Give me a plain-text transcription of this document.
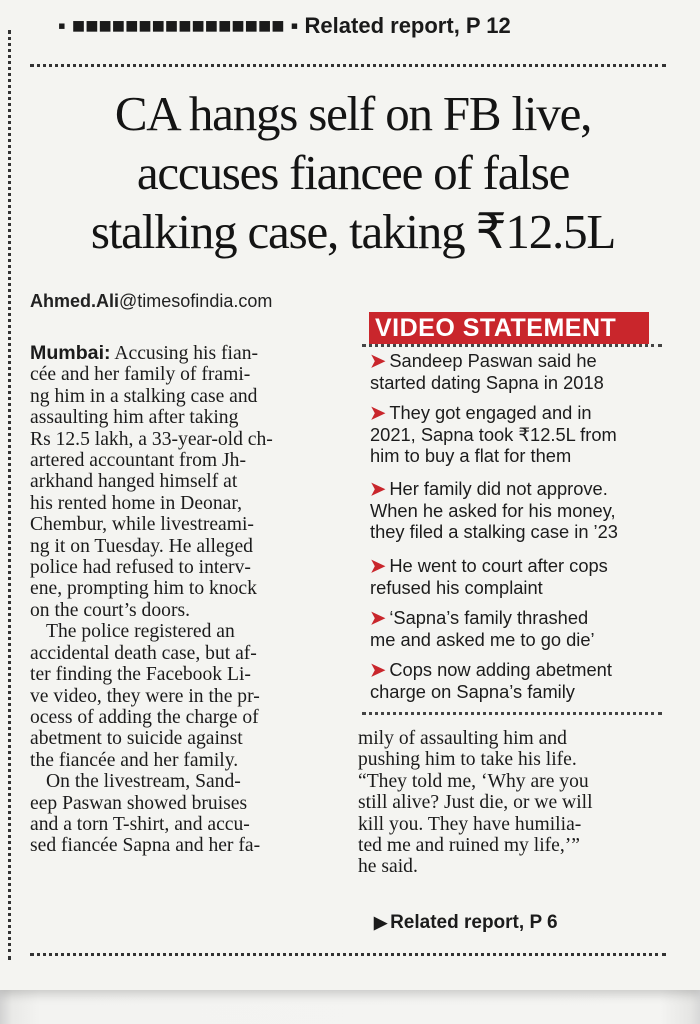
▪ ■■■■■■■■■■■■■■■■ ▪ Related report, P 12
CA hangs self on FB live,
accuses fiancee of false
stalking case, taking ₹12.5L
Ahmed.Ali@timesofindia.com
Mumbai: Accusing his fian-
cée and her family of frami-
ng him in a stalking case and
assaulting him after taking
Rs 12.5 lakh, a 33-year-old ch-
artered accountant from Jh-
arkhand hanged himself at
his rented home in Deonar,
Chembur, while livestreami-
ng it on Tuesday. He alleged
police had refused to interv-
ene, prompting him to knock
on the court’s doors.
The police registered an
accidental death case, but af-
ter finding the Facebook Li-
ve video, they were in the pr-
ocess of adding the charge of
abetment to suicide against
the fiancée and her family.
On the livestream, Sand-
eep Paswan showed bruises
and a torn T-shirt, and accu-
sed fiancée Sapna and her fa-
VIDEO STATEMENT
➤ Sandeep Paswan said he
started dating Sapna in 2018
➤ They got engaged and in
2021, Sapna took ₹12.5L from
him to buy a flat for them
➤ Her family did not approve.
When he asked for his money,
they filed a stalking case in ’23
➤ He went to court after cops
refused his complaint
➤ ‘Sapna’s family thrashed
me and asked me to go die’
➤ Cops now adding abetment
charge on Sapna’s family
mily of assaulting him and
pushing him to take his life.
“They told me, ‘Why are you
still alive? Just die, or we will
kill you. They have humilia-
ted me and ruined my life,’”
he said.
▶ Related report, P 6
